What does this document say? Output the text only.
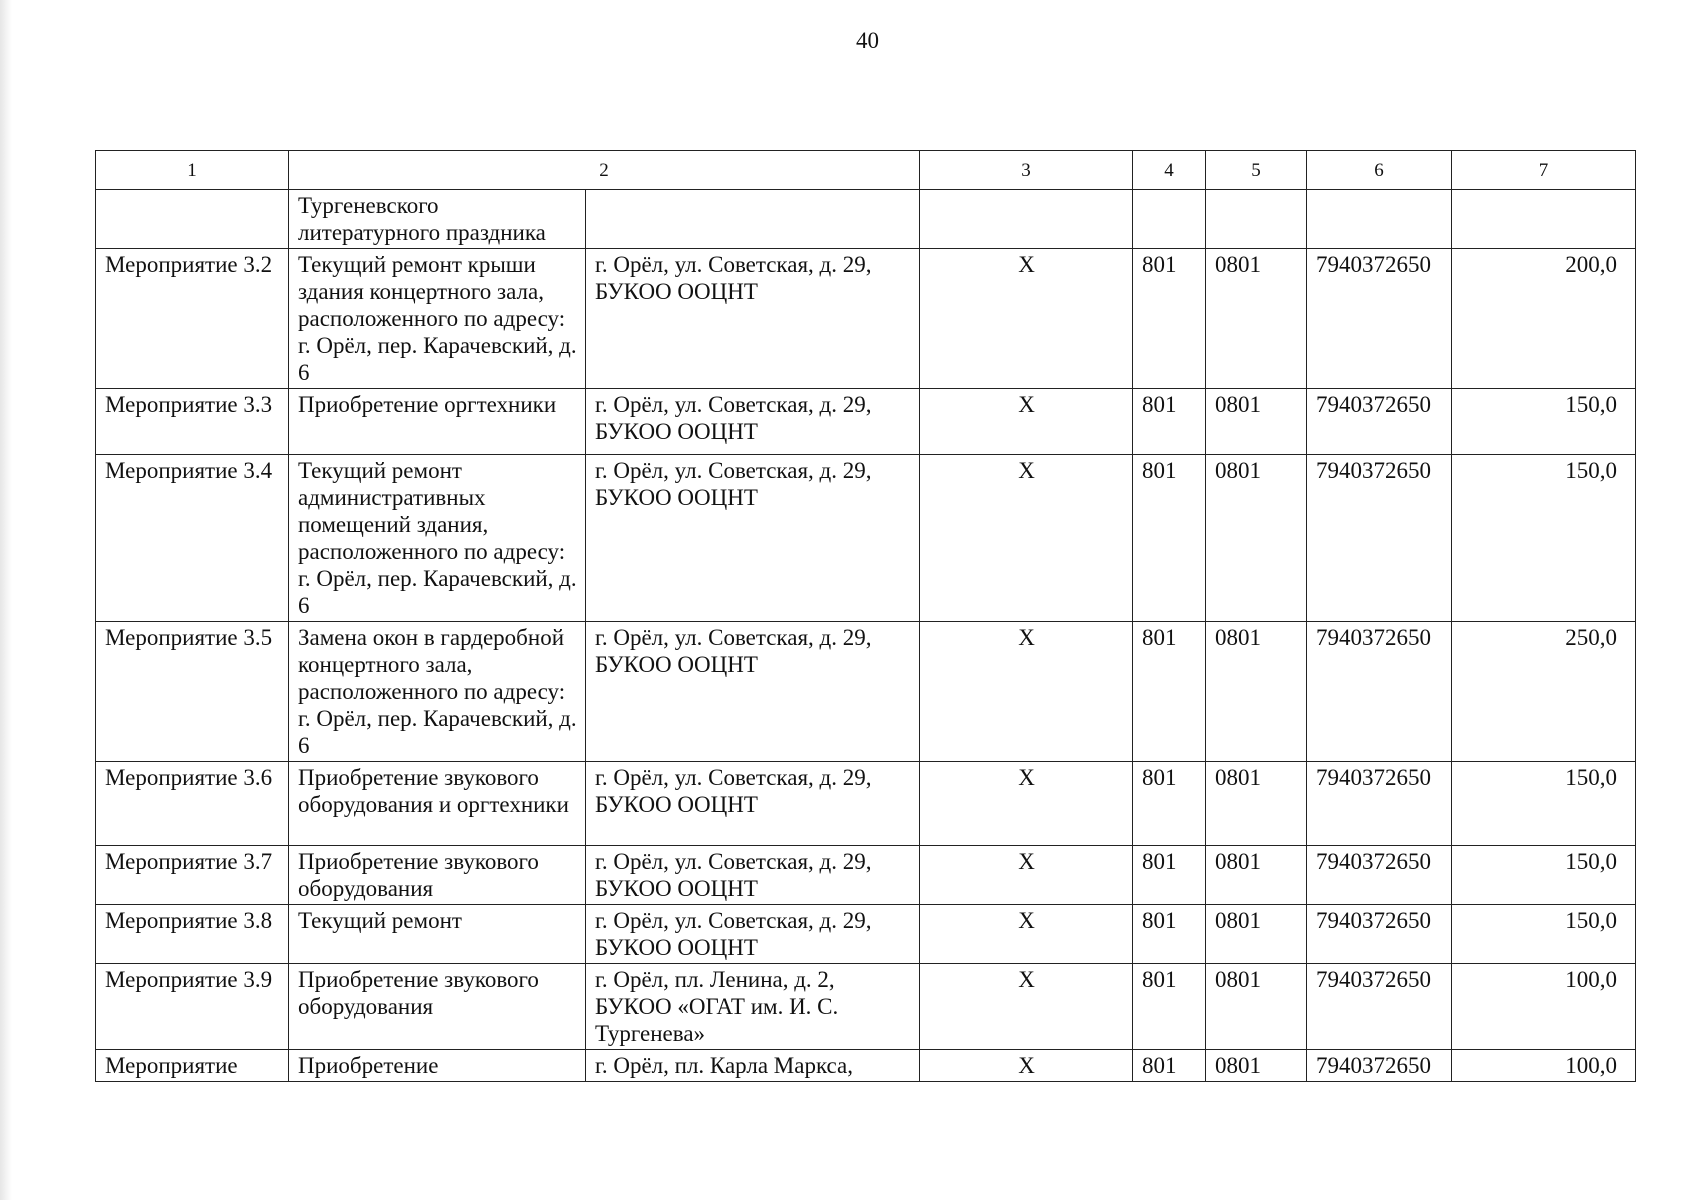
40
1	2		3	4	5	6	7
	Тургеневского литературного праздника						
Мероприятие 3.2	Текущий ремонт крыши здания концертного зала, расположенного по адресу: г. Орёл, пер. Карачевский, д. 6	г. Орёл, ул. Советская, д. 29, БУКОО ООЦНТ	Х	801	0801	7940372650	200,0
Мероприятие 3.3	Приобретение оргтехники	г. Орёл, ул. Советская, д. 29, БУКОО ООЦНТ	Х	801	0801	7940372650	150,0
Мероприятие 3.4	Текущий ремонт административных помещений здания, расположенного по адресу: г. Орёл, пер. Карачевский, д. 6	г. Орёл, ул. Советская, д. 29, БУКОО ООЦНТ	Х	801	0801	7940372650	150,0
Мероприятие 3.5	Замена окон в гардеробной концертного зала, расположенного по адресу: г. Орёл, пер. Карачевский, д. 6	г. Орёл, ул. Советская, д. 29, БУКОО ООЦНТ	Х	801	0801	7940372650	250,0
Мероприятие 3.6	Приобретение звукового оборудования и оргтехники	г. Орёл, ул. Советская, д. 29, БУКОО ООЦНТ	Х	801	0801	7940372650	150,0
Мероприятие 3.7	Приобретение звукового оборудования	г. Орёл, ул. Советская, д. 29, БУКОО ООЦНТ	Х	801	0801	7940372650	150,0
Мероприятие 3.8	Текущий ремонт	г. Орёл, ул. Советская, д. 29, БУКОО ООЦНТ	Х	801	0801	7940372650	150,0
Мероприятие 3.9	Приобретение звукового оборудования	г. Орёл, пл. Ленина, д. 2, БУКОО «ОГАТ им. И. С. Тургенева»	Х	801	0801	7940372650	100,0
Мероприятие	Приобретение	г. Орёл, пл. Карла Маркса,	Х	801	0801	7940372650	100,0
